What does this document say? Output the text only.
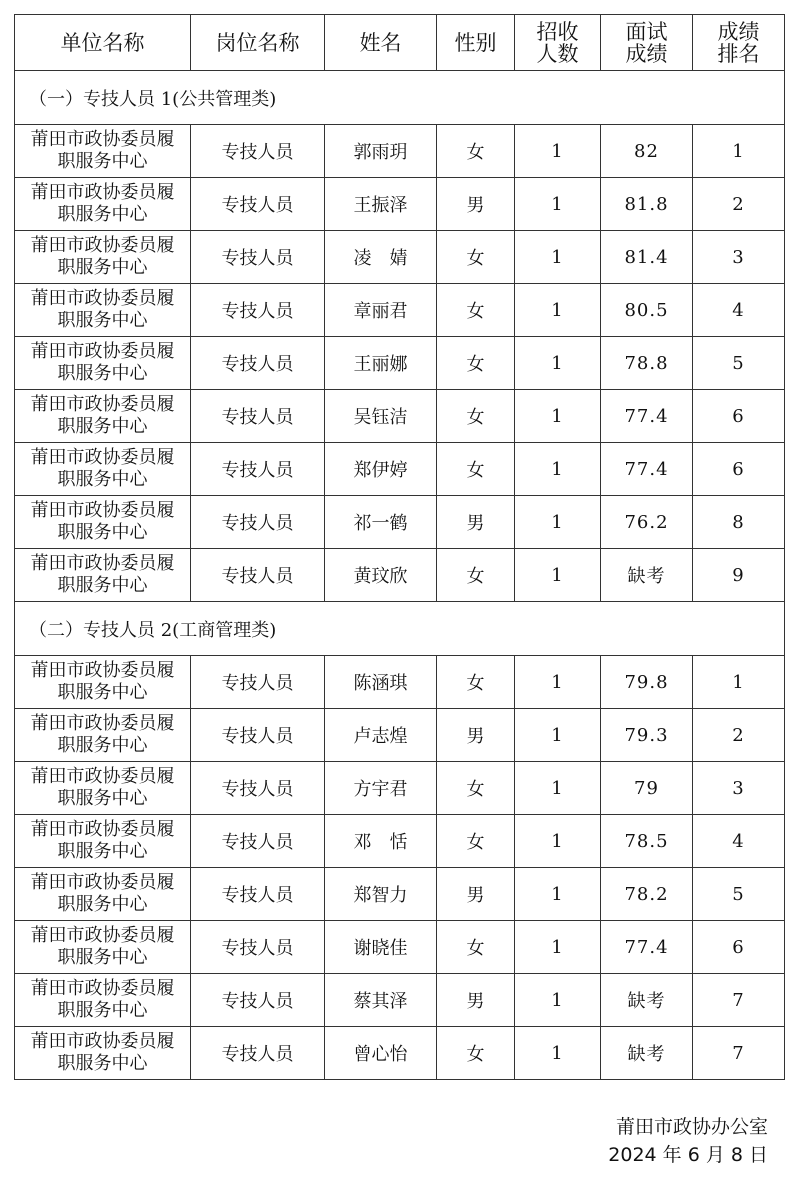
单位名称	岗位名称	姓名	性别	招收人数	面试成绩	成绩排名

（一）专技人员 1(公共管理类)						

莆田市政协委员履职服务中心	专技人员	郭雨玥	女	1	82	1

莆田市政协委员履职服务中心	专技人员	王振泽	男	1	81.8	2

莆田市政协委员履职服务中心	专技人员	凌　婧	女	1	81.4	3

莆田市政协委员履职服务中心	专技人员	章丽君	女	1	80.5	4

莆田市政协委员履职服务中心	专技人员	王丽娜	女	1	78.8	5

莆田市政协委员履职服务中心	专技人员	吴钰洁	女	1	77.4	6

莆田市政协委员履职服务中心	专技人员	郑伊婷	女	1	77.4	6

莆田市政协委员履职服务中心	专技人员	祁一鹤	男	1	76.2	8

莆田市政协委员履职服务中心	专技人员	黄玟欣	女	1	缺考	9

（二）专技人员 2(工商管理类)						

莆田市政协委员履职服务中心	专技人员	陈涵琪	女	1	79.8	1

莆田市政协委员履职服务中心	专技人员	卢志煌	男	1	79.3	2

莆田市政协委员履职服务中心	专技人员	方宇君	女	1	79	3

莆田市政协委员履职服务中心	专技人员	邓　恬	女	1	78.5	4

莆田市政协委员履职服务中心	专技人员	郑智力	男	1	78.2	5

莆田市政协委员履职服务中心	专技人员	谢晓佳	女	1	77.4	6

莆田市政协委员履职服务中心	专技人员	蔡其泽	男	1	缺考	7

莆田市政协委员履职服务中心	专技人员	曾心怡	女	1	缺考	7
莆田市政协办公室
2024 年 6 月 8 日
